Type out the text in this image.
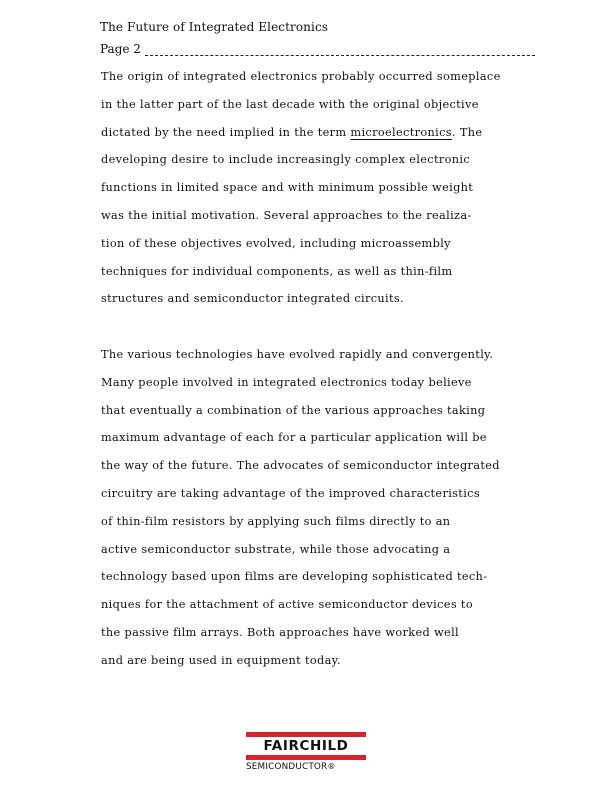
The Future of Integrated Electronics
Page 2
The origin of integrated electronics probably occurred someplace
in the latter part of the last decade with the original objective
dictated by the need implied in the term microelectronics. The
developing desire to include increasingly complex electronic
functions in limited space and with minimum possible weight
was the initial motivation. Several approaches to the realiza-
tion of these objectives evolved, including microassembly
techniques for individual components, as well as thin-film
structures and semiconductor integrated circuits.
The various technologies have evolved rapidly and convergently.
Many people involved in integrated electronics today believe
that eventually a combination of the various approaches taking
maximum advantage of each for a particular application will be
the way of the future. The advocates of semiconductor integrated
circuitry are taking advantage of the improved characteristics
of thin-film resistors by applying such films directly to an
active semiconductor substrate, while those advocating a
technology based upon films are developing sophisticated tech-
niques for the attachment of active semiconductor devices to
the passive film arrays. Both approaches have worked well
and are being used in equipment today.
FAIRCHILD
SEMICONDUCTOR®
